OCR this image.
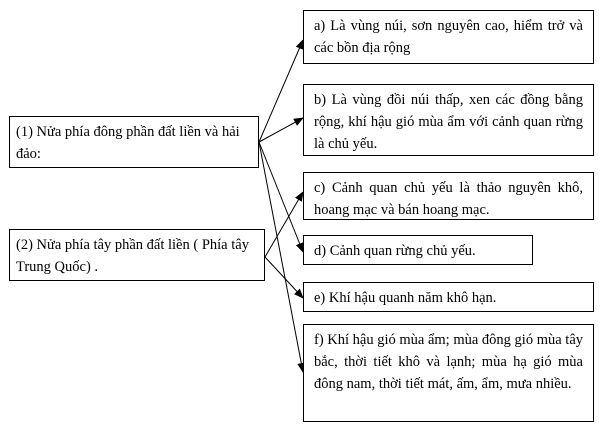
(1) Nửa phía đông phần đất liền và hải đảo:
(2) Nửa phía tây phần đất liền ( Phía tây Trung Quốc) .
a) Là vùng núi, sơn nguyên cao, hiểm trở và các bồn địa rộng
b) Là vùng đồi núi thấp, xen các đồng bằng rộng, khí hậu gió mùa ẩm với cảnh quan rừng là chủ yếu.
c) Cảnh quan chủ yếu là thảo nguyên khô, hoang mạc và bán hoang mạc.
d) Cảnh quan rừng chủ yếu.
e) Khí hậu quanh năm khô hạn.
f) Khí hậu gió mùa ẩm; mùa đông gió mùa tây bắc, thời tiết khô và lạnh; mùa hạ gió mùa đông nam, thời tiết mát, ấm, ẩm, mưa nhiều.
